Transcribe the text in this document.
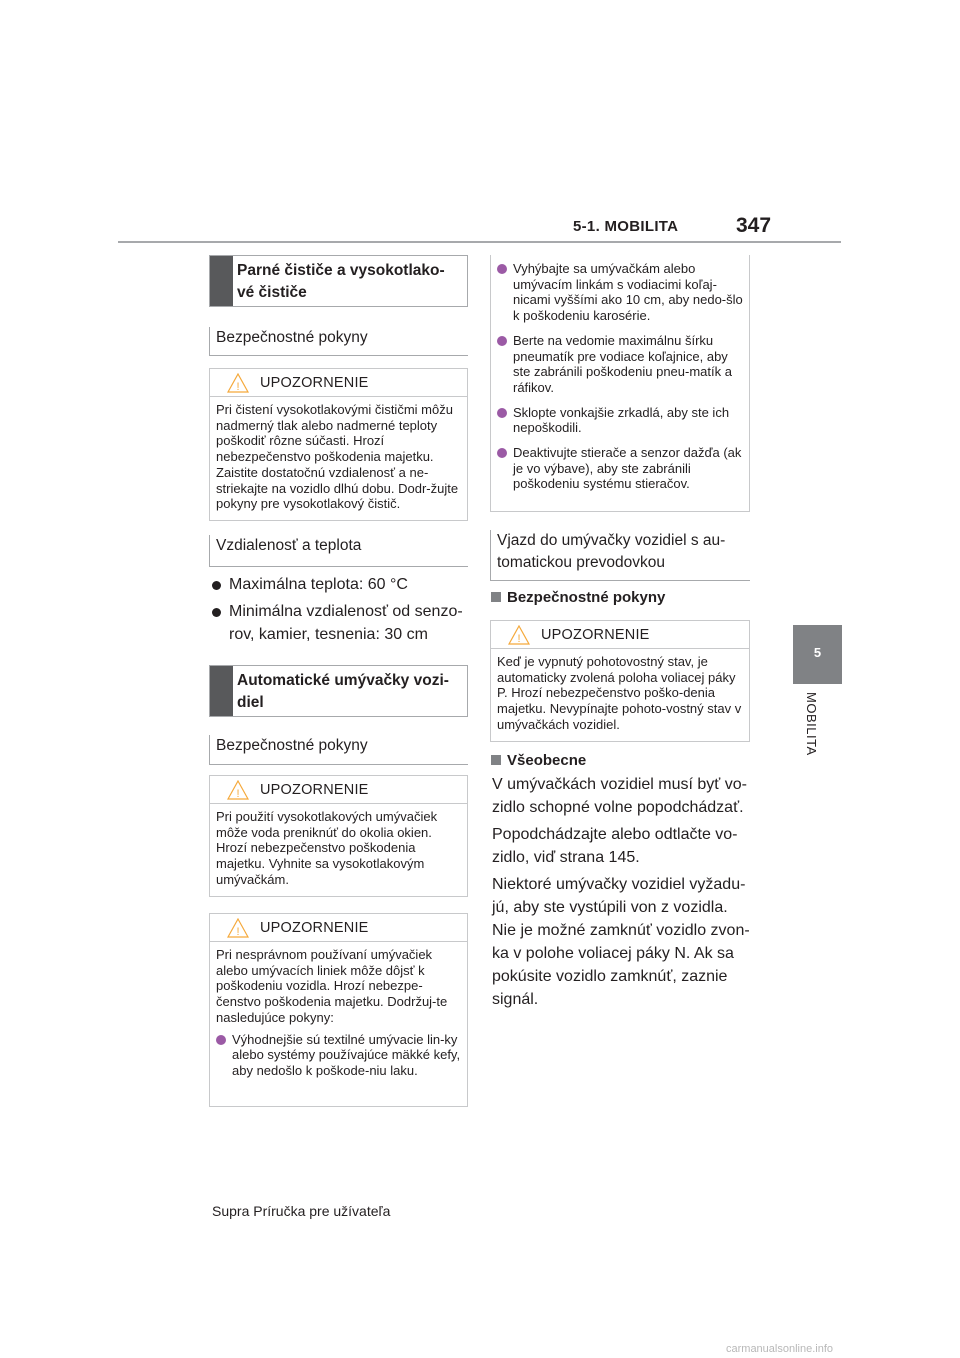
5-1. MOBILITA	347
5
MOBILITA
Parné čističe a vysokotlako-vé čističe
Bezpečnostné pokyny
! UPOZORNENIE
Pri čistení vysokotlakovými čističmi môžu nadmerný tlak alebo nadmerné teploty poškodiť rôzne súčasti. Hrozí nebezpečenstvo poškodenia majetku. Zaistite dostatočnú vzdialenosť a ne-striekajte na vozidlo dlhú dobu. Dodr-žujte pokyny pre vysokotlakový čistič.
Vzdialenosť a teplota
Maximálna teplota: 60 °C
Minimálna vzdialenosť od senzo-rov, kamier, tesnenia: 30 cm
Automatické umývačky vozi-diel
Bezpečnostné pokyny
! UPOZORNENIE
Pri použití vysokotlakových umývačiek môže voda preniknúť do okolia okien. Hrozí nebezpečenstvo poškodenia majetku. Vyhnite sa vysokotlakovým umývačkám.
! UPOZORNENIE
Pri nesprávnom používaní umývačiek alebo umývacích liniek môže dôjsť k poškodeniu vozidla. Hrozí nebezpe-čenstvo poškodenia majetku. Dodržuj-te nasledujúce pokyny:
Výhodnejšie sú textilné umývacie lin-ky alebo systémy používajúce mäkké kefy, aby nedošlo k poškode-niu laku.
Vyhýbajte sa umývačkám alebo umývacím linkám s vodiacimi koľaj-nicami vyššími ako 10 cm, aby nedo-šlo k poškodeniu karosérie.
Berte na vedomie maximálnu šírku pneumatík pre vodiace koľajnice, aby ste zabránili poškodeniu pneu-matík a ráfikov.
Sklopte vonkajšie zrkadlá, aby ste ich nepoškodili.
Deaktivujte stierače a senzor dažďa (ak je vo výbave), aby ste zabránili poškodeniu systému stieračov.
Vjazd do umývačky vozidiel s au-tomatickou prevodovkou
Bezpečnostné pokyny
! UPOZORNENIE
Keď je vypnutý pohotovostný stav, je automaticky zvolená poloha voliacej páky P. Hrozí nebezpečenstvo poško-denia majetku. Nevypínajte pohoto-vostný stav v umývačkách vozidiel.
Všeobecne
V umývačkách vozidiel musí byť vo-zidlo schopné volne popodchádzať.
Popodchádzajte alebo odtlačte vo-zidlo, viď strana 145.
Niektoré umývačky vozidiel vyžadu-jú, aby ste vystúpili von z vozidla. Nie je možné zamknúť vozidlo zvon-ka v polohe voliacej páky N. Ak sa pokúsite vozidlo zamknúť, zaznie signál.
Supra Príručka pre užívateľa
carmanualsonline.info
